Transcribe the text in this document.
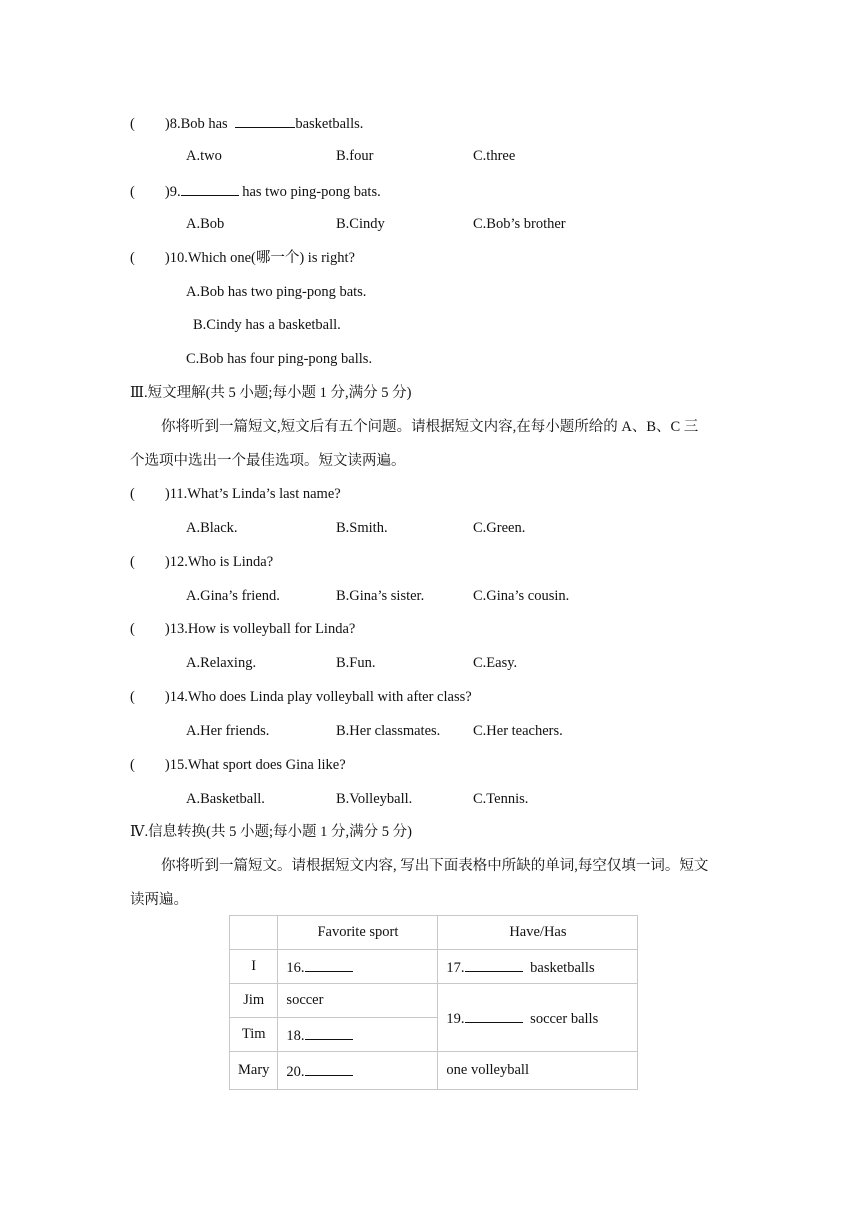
( )8.Bob has	basketballs.
A.two	B.four	C.three
( )9.	has two ping-pong bats.
A.Bob	B.Cindy	C.Bob’s brother
( )10.Which one(哪一个) is right?
A.Bob has two ping-pong bats.
B.Cindy has a basketball.
C.Bob has four ping-pong balls.
Ⅲ.短文理解(共 5 小题;每小题 1 分,满分 5 分)
你将听到一篇短文,短文后有五个问题。请根据短文内容,在每小题所给的 A、B、C 三
个选项中选出一个最佳选项。短文读两遍。
( )11.What’s Linda’s last name?
A.Black.	B.Smith.	C.Green.
( )12.Who is Linda?
A.Gina’s friend.	B.Gina’s sister.	C.Gina’s cousin.
( )13.How is volleyball for Linda?
A.Relaxing.	B.Fun.	C.Easy.
( )14.Who does Linda play volleyball with after class?
A.Her friends.	B.Her classmates. C.Her teachers.
( )15.What sport does Gina like?
A.Basketball.	B.Volleyball.	C.Tennis.
Ⅳ.信息转换(共 5 小题;每小题 1 分,满分 5 分)
你将听到一篇短文。请根据短文内容, 写出下面表格中所缺的单词,每空仅填一词。短文
读两遍。
	Favorite sport	Have/Has
I	16.	17. basketballs
Jim	soccer	19. soccer balls
Tim	18.	
Mary	20.	one volleyball
